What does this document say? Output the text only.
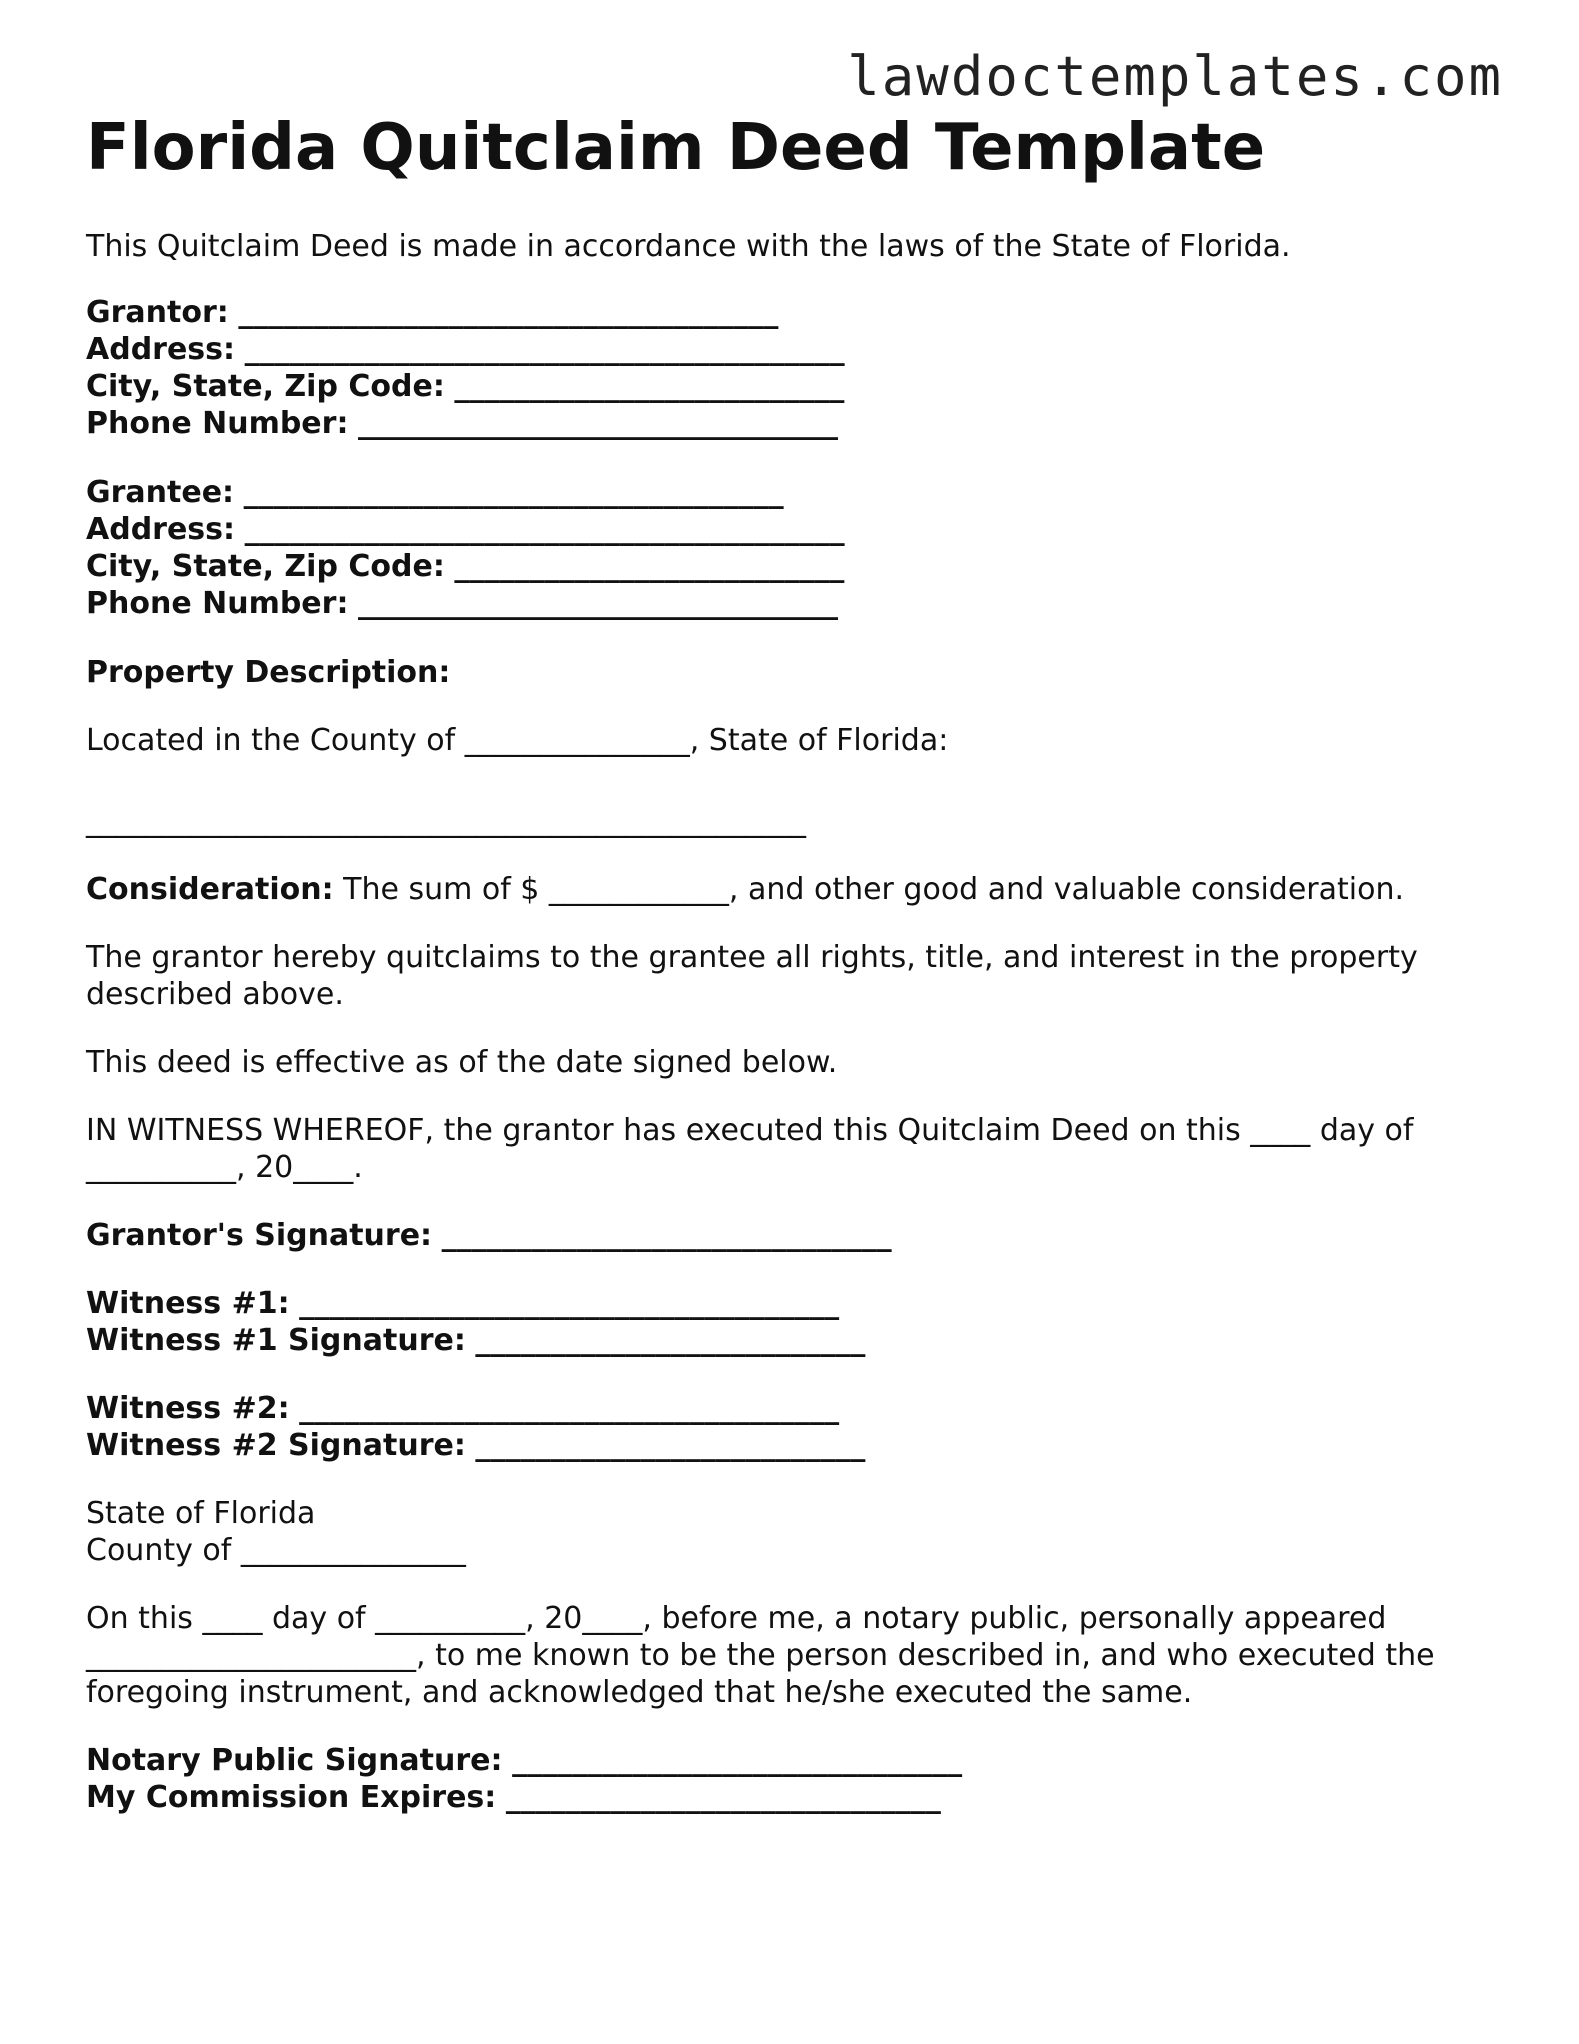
lawdoctemplates.com
Florida Quitclaim Deed Template

This Quitclaim Deed is made in accordance with the laws of the State of Florida.

Grantor: ____________________________________
Address: ________________________________________
City, State, Zip Code: __________________________
Phone Number: ________________________________
Grantee: ____________________________________
Address: ________________________________________
City, State, Zip Code: __________________________
Phone Number: ________________________________

Property Description:

Located in the County of _______________, State of Florida:

________________________________________________

Consideration: The sum of $ ____________, and other good and valuable consideration.

The grantor hereby quitclaims to the grantee all rights, title, and interest in the property described above.

This deed is effective as of the date signed below.

IN WITNESS WHEREOF, the grantor has executed this Quitclaim Deed on this ____ day of __________, 20____.

Grantor's Signature: ______________________________
Witness #1: ____________________________________
Witness #1 Signature: __________________________
Witness #2: ____________________________________
Witness #2 Signature: __________________________
State of Florida
County of _______________

On this ____ day of __________, 20____, before me, a notary public, personally appeared ______________________, to me known to be the person described in, and who executed the foregoing instrument, and acknowledged that he/she executed the same.

Notary Public Signature: ______________________________
My Commission Expires: _____________________________
